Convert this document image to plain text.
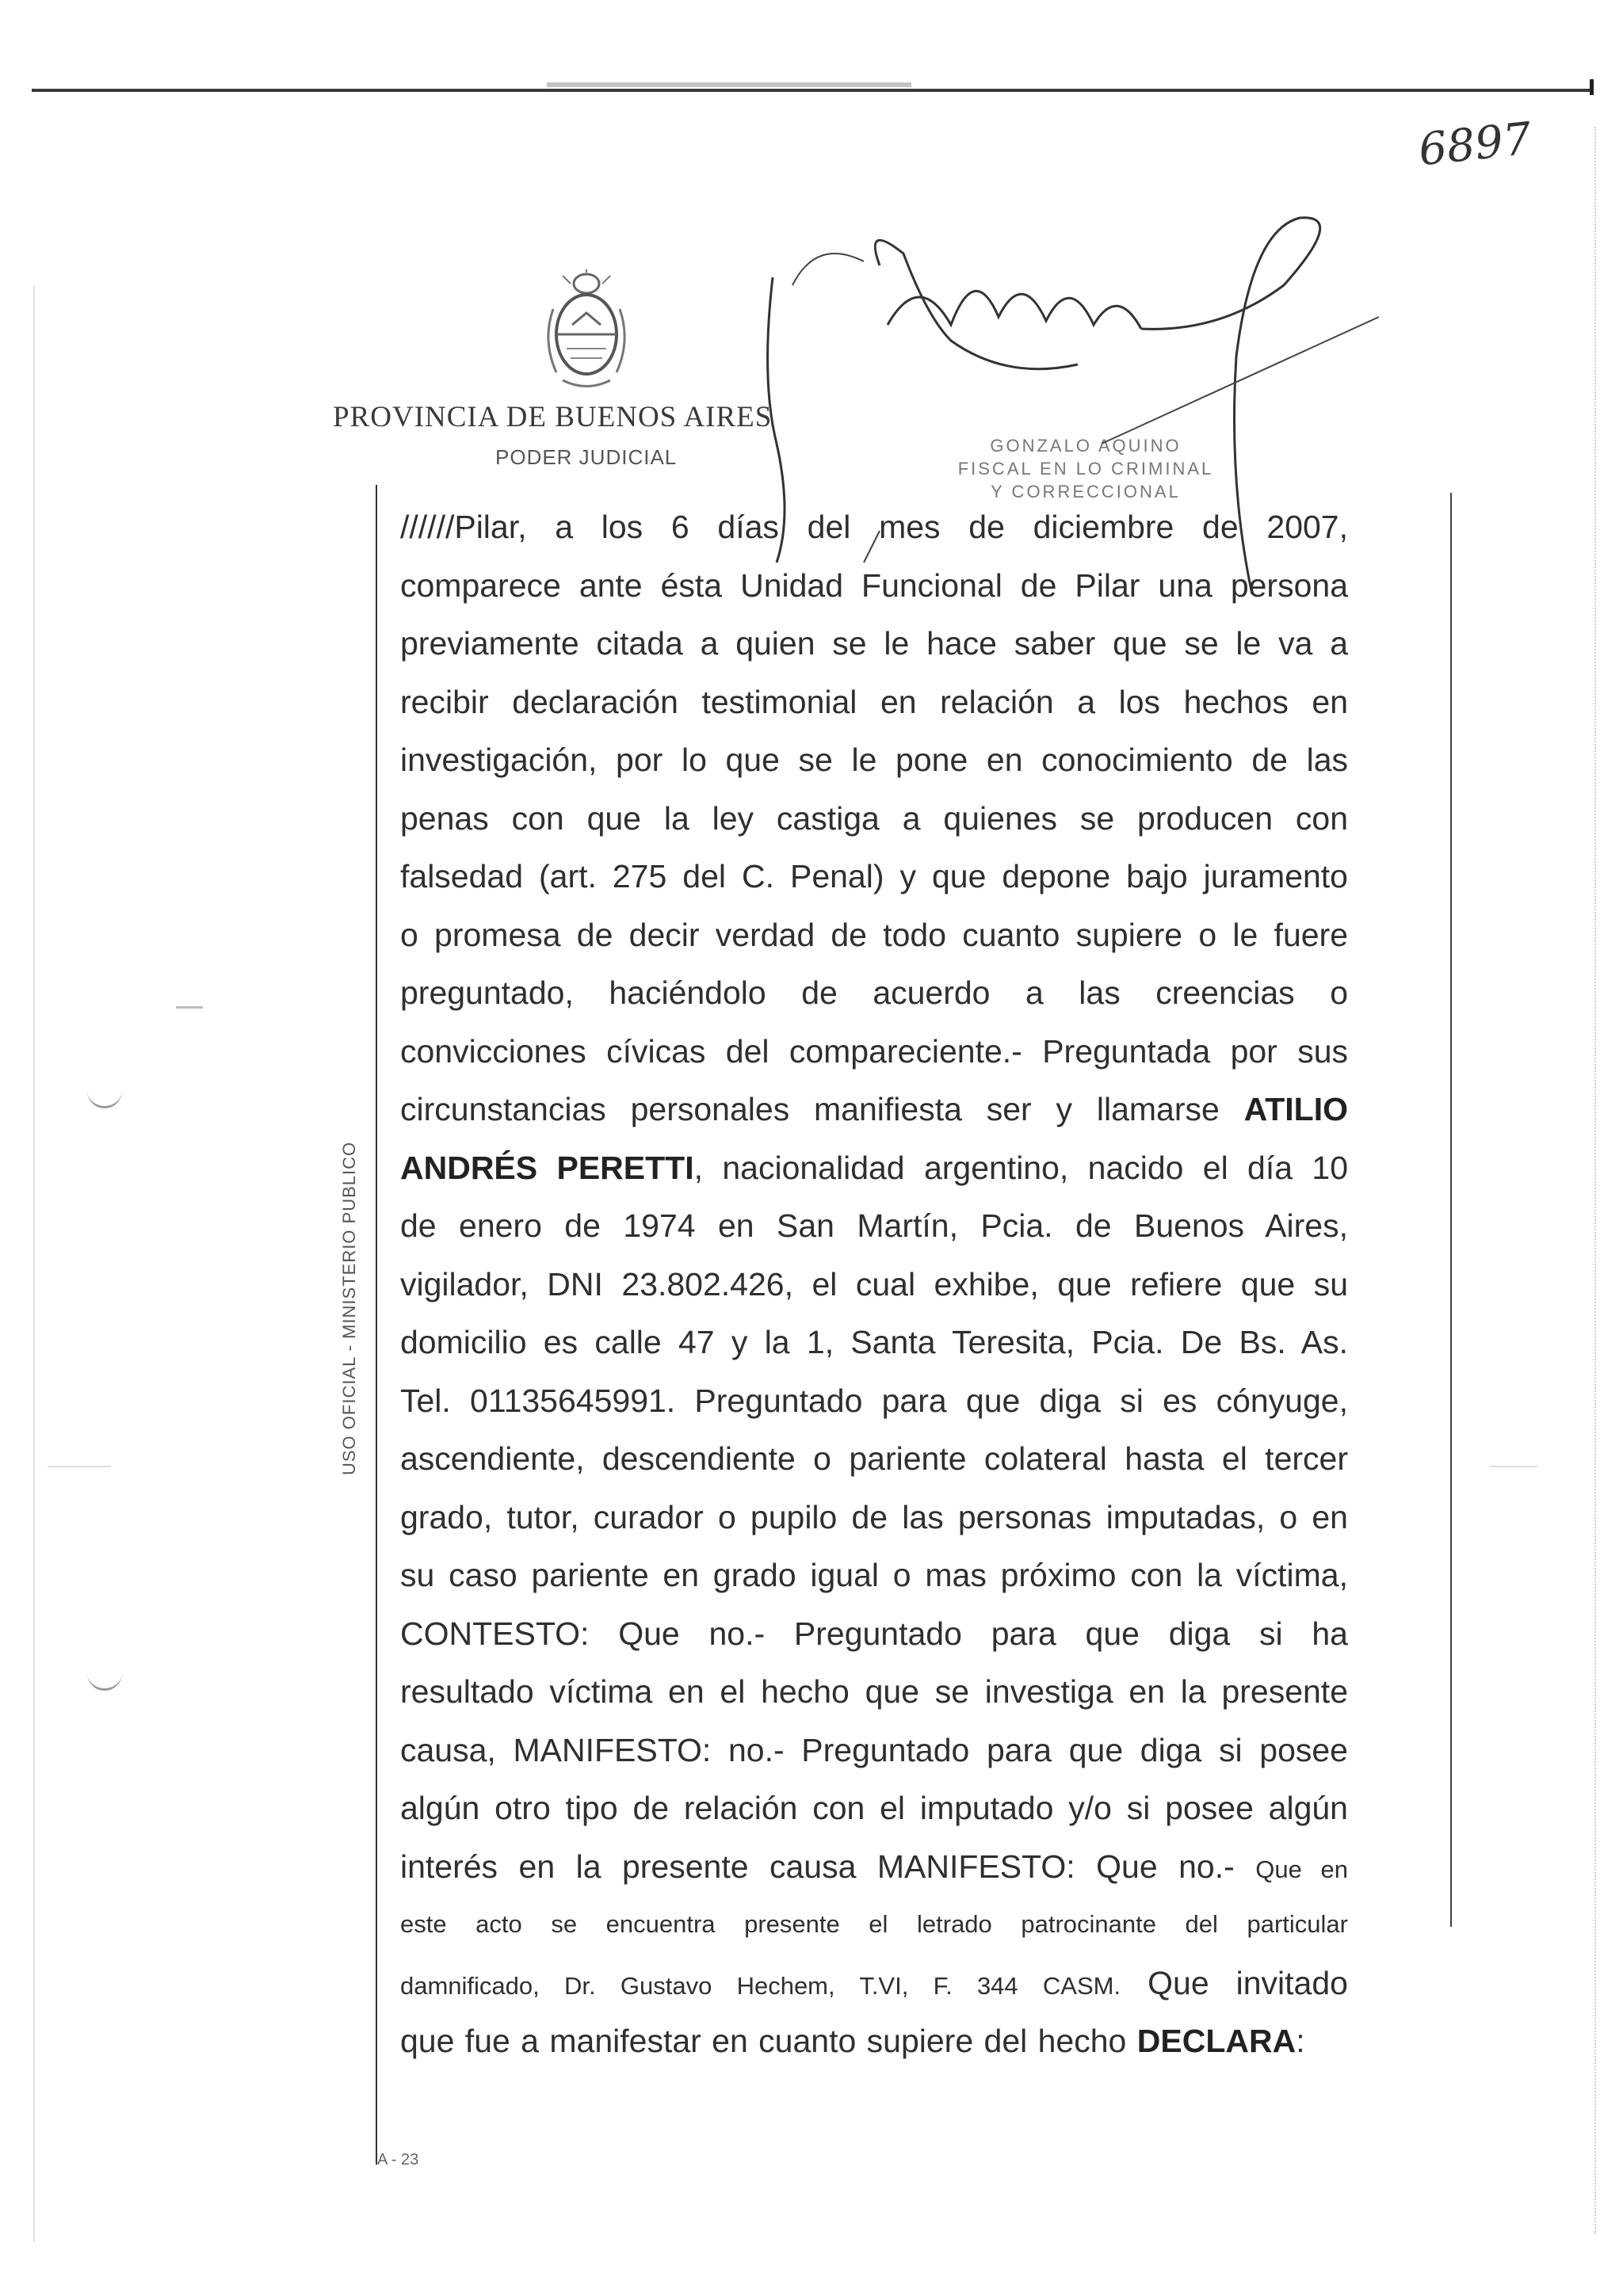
6897
PROVINCIA DE BUENOS AIRES
PODER JUDICIAL	GONZALO AQUINO
FISCAL EN LO CRIMINAL
Y CORRECCIONAL
USO OFICIAL - MINISTERIO PUBLICO
//////Pilar, a los 6 días del mes de diciembre de 2007,
comparece ante ésta Unidad Funcional de Pilar una persona
previamente citada a quien se le hace saber que se le va a
recibir declaración testimonial en relación a los hechos en
investigación, por lo que se le pone en conocimiento de las
penas con que la ley castiga a quienes se producen con
falsedad (art. 275 del C. Penal) y que depone bajo juramento
o promesa de decir verdad de todo cuanto supiere o le fuere
preguntado, haciéndolo de acuerdo a las creencias o
convicciones cívicas del compareciente.- Preguntada por sus
circunstancias personales manifiesta ser y llamarse ATILIO
ANDRÉS PERETTI, nacionalidad argentino, nacido el día 10
de enero de 1974 en San Martín, Pcia. de Buenos Aires,
vigilador, DNI 23.802.426, el cual exhibe, que refiere que su
domicilio es calle 47 y la 1, Santa Teresita, Pcia. De Bs. As.
Tel. 01135645991. Preguntado para que diga si es cónyuge,
ascendiente, descendiente o pariente colateral hasta el tercer
grado, tutor, curador o pupilo de las personas imputadas, o en
su caso pariente en grado igual o mas próximo con la víctima,
CONTESTO: Que no.- Preguntado para que diga si ha
resultado víctima en el hecho que se investiga en la presente
causa, MANIFESTO: no.- Preguntado para que diga si posee
algún otro tipo de relación con el imputado y/o si posee algún
interés en la presente causa MANIFESTO: Que no.- Que en
este acto se encuentra presente el letrado patrocinante del particular
damnificado, Dr. Gustavo Hechem, T.VI, F. 344 CASM. Que invitado
que fue a manifestar en cuanto supiere del hecho DECLARA:
A - 23
